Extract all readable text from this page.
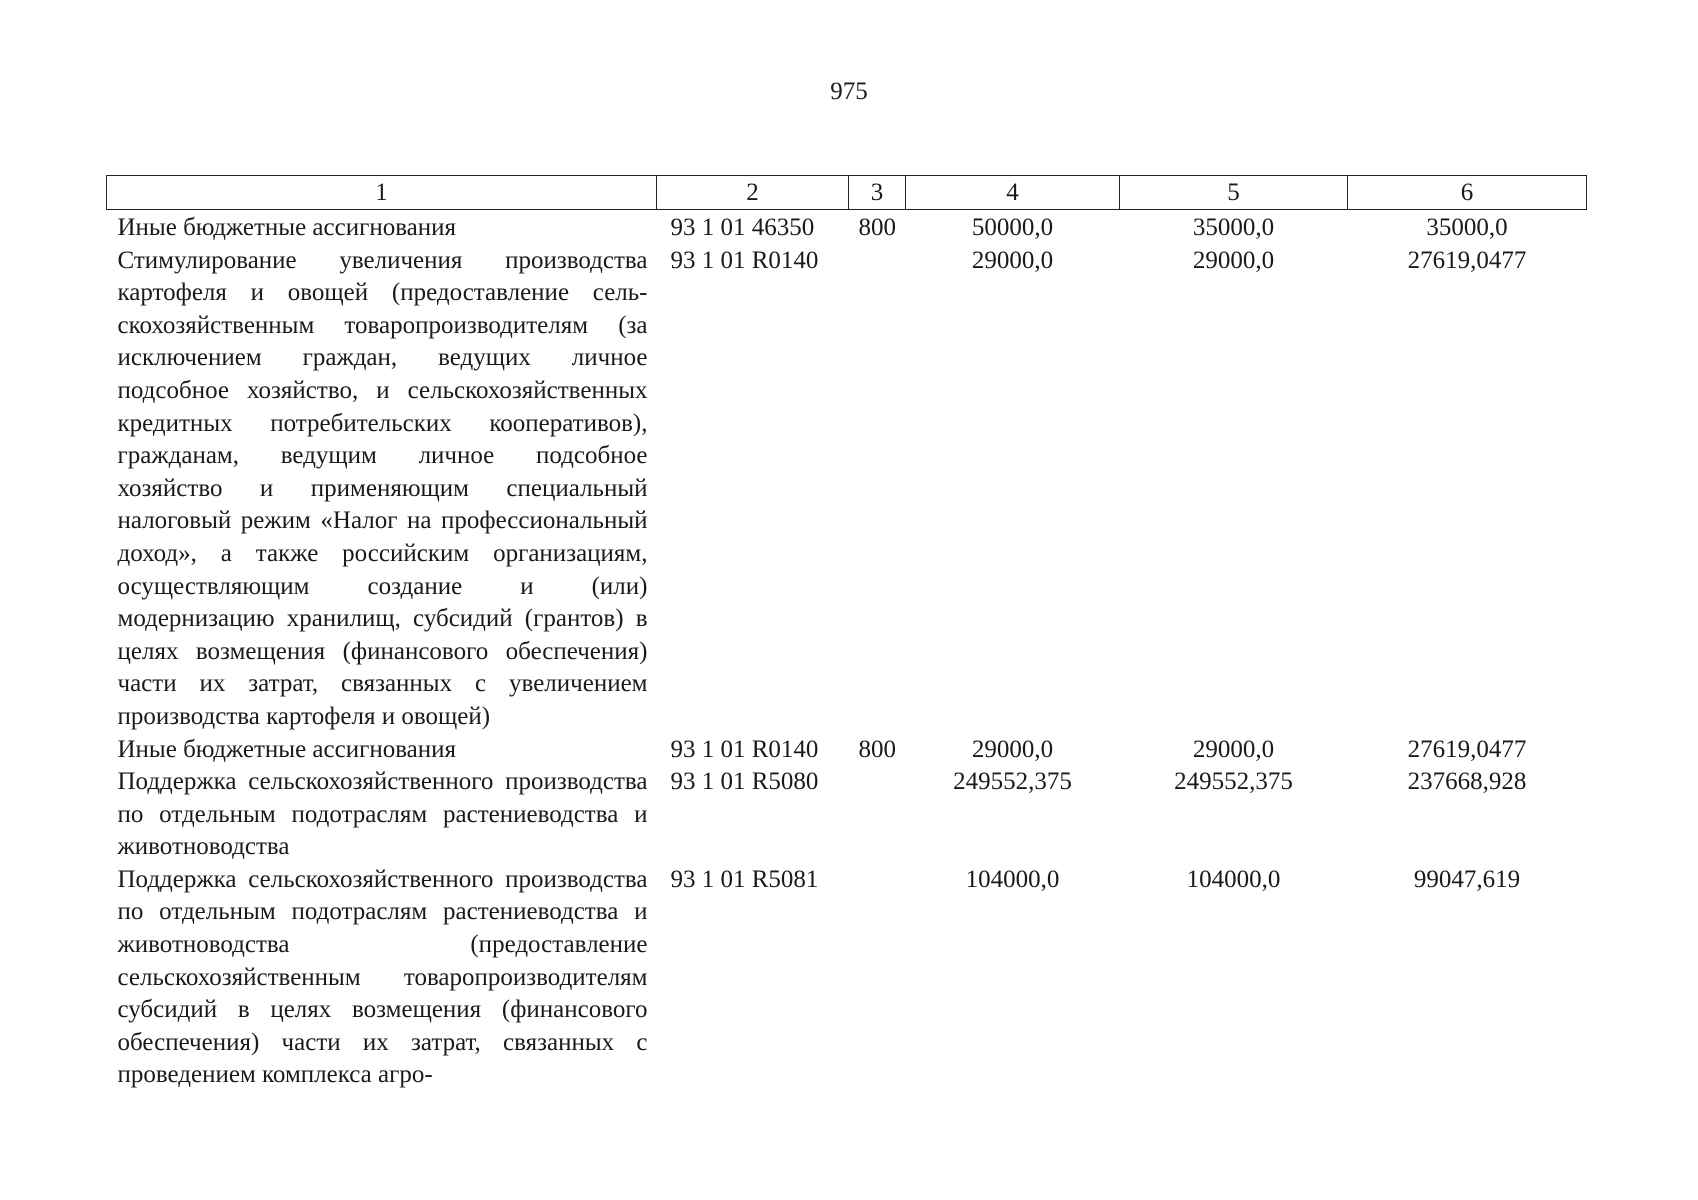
975
1	2	3	4	5	6
Иные бюджетные ассигнования	93 1 01 46350	800	50000,0	35000,0	35000,0
Стимулирование увеличения производства картофеля и овощей (предоставление сельскохозяйственным товаропроизводителям (за исключением граждан, ведущих личное подсобное хозяйство, и сельскохозяйственных кредитных потребительских кооперативов), гражданам, ведущим личное подсобное хозяйство и применяющим специальный налоговый режим «Налог на профессиональный доход», а также российским организациям, осуществляющим создание и (или) модернизацию хранилищ, субсидий (грантов) в целях возмещения (финансового обеспечения) части их затрат, связанных с увеличением производства картофеля и овощей)	93 1 01 R0140		29000,0	29000,0	27619,0477
Иные бюджетные ассигнования	93 1 01 R0140	800	29000,0	29000,0	27619,0477
Поддержка сельскохозяйственного производства по отдельным подотраслям растениеводства и животноводства	93 1 01 R5080		249552,375	249552,375	237668,928
Поддержка сельскохозяйственного производства по отдельным подотраслям растениеводства и животноводства (предоставление сельскохозяйственным товаропроизводителям субсидий в целях возмещения (финансового обеспечения) части их затрат, связанных с проведением комплекса агро-	93 1 01 R5081		104000,0	104000,0	99047,619
